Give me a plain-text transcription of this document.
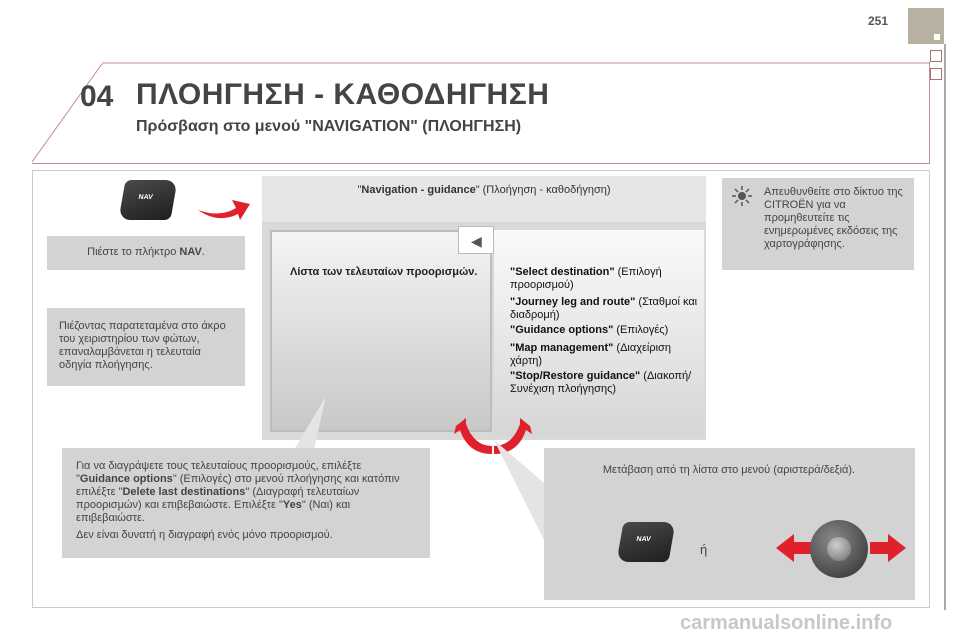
251
04 ΠΛΟΗΓΗΣΗ - ΚΑΘΟΔΗΓΗΣΗ
Πρόσβαση στο μενού "NAVIGATION" (ΠΛΟΗΓΗΣΗ)
NAV
Πιέστε το πλήκτρο NAV.
Πιέζοντας παρατεταμένα στο άκρο του χειριστηρίου των φώτων, επαναλαμβάνεται η τελευταία οδηγία πλοήγησης.
"Navigation - guidance" (Πλοήγηση - καθοδήγηση)
◀
Λίστα των τελευταίων προορισμών.	"Select destination" (Επιλογή προορισμού)
"Journey leg and route" (Σταθμοί και διαδρομή)
"Guidance options" (Επιλογές)
"Map management" (Διαχείριση χάρτη)
"Stop/Restore guidance" (Διακοπή/Συνέχιση πλοήγησης)

Για να διαγράψετε τους τελευταίους προορισμούς, επιλέξτε "Guidance options" (Επιλογές) στο μενού πλοήγησης και κατόπιν επιλέξτε "Delete last destinations" (Διαγραφή τελευταίων προορισμών) και επιβεβαιώστε. Επιλέξτε "Yes" (Ναι) και επιβεβαιώστε.

Δεν είναι δυνατή η διαγραφή ενός μόνο προορισμού.

Απευθυνθείτε στο δίκτυο της CITROËN για να προμηθευτείτε τις ενημερωμένες εκδόσεις της χαρτογράφησης.
Μετάβαση από τη λίστα στο μενού (αριστερά/δεξιά).
NAV
ή
carmanualsonline.info
